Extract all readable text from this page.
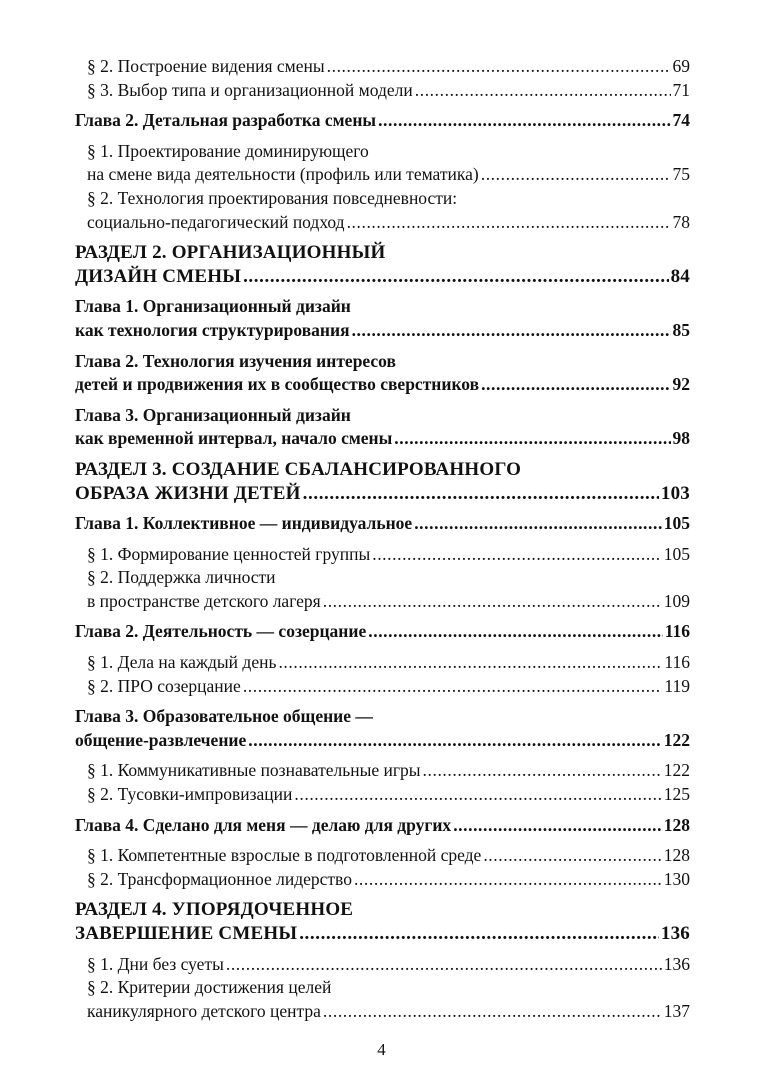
§ 2. Построение видения смены .....	69
§ 3. Выбор типа и организационной модели .....	71
Глава 2. Детальная разработка смены .....	74
§ 1. Проектирование доминирующего
на смене вида деятельности (профиль или тематика) .....	75
§ 2. Технология проектирования повседневности:
социально-педагогический подход .....	78
РАЗДЕЛ 2. ОРГАНИЗАЦИОННЫЙ
ДИЗАЙН СМЕНЫ .....	84
Глава 1. Организационный дизайн
как технология структурирования .....	85
Глава 2. Технология изучения интересов
детей и продвижения их в сообщество сверстников .....	92
Глава 3. Организационный дизайн
как временной интервал, начало смены .....	98
РАЗДЕЛ 3. СОЗДАНИЕ СБАЛАНСИРОВАННОГО
ОБРАЗА ЖИЗНИ ДЕТЕЙ .....	103
Глава 1. Коллективное — индивидуальное .....	105
§ 1. Формирование ценностей группы .....	105
§ 2. Поддержка личности
в пространстве детского лагеря .....	109
Глава 2. Деятельность — созерцание .....	116
§ 1. Дела на каждый день .....	116
§ 2. ПРО созерцание .....	119
Глава 3. Образовательное общение —
общение-развлечение .....	122
§ 1. Коммуникативные познавательные игры .....	122
§ 2. Тусовки-импровизации .....	125
Глава 4. Сделано для меня — делаю для других .....	128
§ 1. Компетентные взрослые в подготовленной среде .....	128
§ 2. Трансформационное лидерство .....	130
РАЗДЕЛ 4. УПОРЯДОЧЕННОЕ
ЗАВЕРШЕНИЕ СМЕНЫ .....	136
§ 1. Дни без суеты .....	136
§ 2. Критерии достижения целей
каникулярного детского центра .....	137
4
